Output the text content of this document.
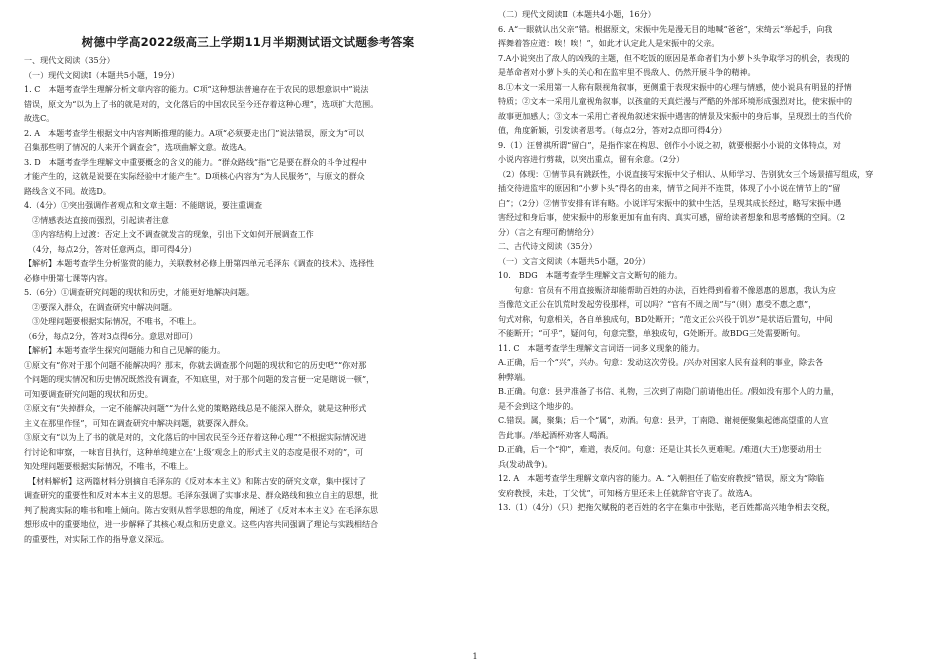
树德中学高2022级高三上学期11月半期测试语文试题参考答案

一、现代文阅读（35分）

（一）现代文阅读Ⅰ（本题共5小题，19分）

1. C　本题考查学生理解分析文章内容的能力。C项“这种想法普遍存在于农民的思想意识中”说法

错误，原文为“以为上了书的就是对的，文化落后的中国农民至今还存着这种心理”，选项扩大范围。

故选C。

2. A　本题考查学生根据文中内容判断推理的能力。A项“必须要走出门”说法错误，原文为“可以

召集那些明了情况的人来开个调查会”，选项曲解文意。故选A。

3. D　本题考查学生理解文中重要概念的含义的能力。“群众路线”指“它是要在群众的斗争过程中

才能产生的，这就是说要在实际经验中才能产生”。D项核心内容为“为人民服务”，与原文的群众

路线含义不同。故选D。

4.（4分）①突出强调作者观点和文章主题：不能瞎说，要注重调查

　②情感表达直接而强烈，引起读者注意

　③内容结构上过渡：否定上文不调查就发言的现象，引出下文如何开展调查工作

　（4分，每点2分，答对任意两点，即可得4分）

【解析】本题考查学生分析鉴赏的能力，关联教材必修上册第四单元毛泽东《调查的技术》、选择性

必修中册第七课等内容。

5.（6分）①调查研究问题的现状和历史，才能更好地解决问题。

　②要深入群众，在调查研究中解决问题。

　③处理问题要根据实际情况，不唯书，不唯上。

（6分，每点2分，答对3点得6分。意思对即可）

【解析】本题考查学生探究问题能力和自己见解的能力。

①原文有“你对于那个问题不能解决吗？那末，你就去调查那个问题的现状和它的历史吧”“你对那

个问题的现实情况和历史情况既然没有调查，不知底里，对于那个问题的发言便一定是瞎说一顿”，

可知要调查研究问题的现状和历史。

②原文有“失掉群众，一定不能解决问题”“为什么党的策略路线总是不能深入群众，就是这种形式

主义在那里作怪”，可知在调查研究中解决问题，就要深入群众。

③原文有“以为上了书的就是对的，文化落后的中国农民至今还存着这种心理”“不根据实际情况进

行讨论和审察，一味盲目执行，这种单纯建立在‘上级’观念上的形式主义的态度是很不对的”，可

知处理问题要根据实际情况，不唯书，不唯上。

　【材料解析】这两篇材料分别摘自毛泽东的《反对本本主义》和陈古安的研究文章，集中探讨了

调查研究的重要性和反对本本主义的思想。毛泽东强调了实事求是、群众路线和独立自主的思想，批

判了脱离实际的唯书和唯上倾向。陈古安则从哲学思想的角度，阐述了《反对本本主义》在毛泽东思

想形成中的重要地位，进一步解释了其核心观点和历史意义。这些内容共同强调了理论与实践相结合

的重要性，对实际工作的指导意义深远。

（二）现代文阅读Ⅱ（本题共4小题，16分）

6. A“一眼就认出父亲”错。根据原文，宋振中先是漫无目的地喊“爸爸”，宋绮云“举起手，向我

挥舞着答应道：唉！唉！”，如此才认定此人是宋振中的父亲。

7.A小说突出了敌人的凶残的主题，但不吃饭的原因是革命者们为小萝卜头争取学习的机会，表现的

是革命者对小萝卜头的关心和在监牢里不畏敌人、仍然开展斗争的精神。

8.①本文一采用第一人称有限视角叙事，更侧重于表现宋振中的心理与情感，使小说具有明显的抒情

特质；②文本一采用儿童视角叙事，以孩童的天真烂漫与严酷的外部环境形成强烈对比，使宋振中的

故事更加感人；③文本一采用亡者视角叙述宋振中遇害的情景及宋振中的身后事，呈现烈士的当代价

值，角度新颖，引发读者思考。（每点2分，答对2点即可得4分）

9.（1）汪曾祺所谓“留白”，是指作家在构思、创作小小说之初，就要根据小小说的文体特点，对

小说内容进行剪裁，以突出重点，留有余意。（2分）

（2）体现：①情节具有跳跃性，小说直接写宋振中父子相认、从师学习、告别犹女三个场景描写组成，穿

插交待进监牢的原因和“小萝卜头”得名的由来，情节之间并不连贯，体现了小小说在情节上的“留

白”；（2分）②情节安排有详有略。小说详写宋振中的狱中生活，呈现其成长经过，略写宋振中遇

害经过和身后事，使宋振中的形象更加有血有肉、真实可感，留给读者想象和思考感慨的空间。（2

分）（言之有理可酌情给分）

二、古代诗文阅读（35分）

（一）文言文阅读（本题共5小题，20分）

10.　BDG　本题考查学生理解文言文断句的能力。

　　句意：官员有不用直接赈济却能帮助百姓的办法，百姓得到看着不像恩惠的恩惠，我认为应

当像范文正公在饥荒时发起劳役那样，可以吗？“官有不周之周”与“（则）惠受不惠之惠”，

句式对称，句意相关，各自单独成句，BD处断开；“范文正公兴役于饥岁”是状语后置句，中间

不能断开；“可乎”，疑问句，句意完整，单独成句，G处断开。故BDG三处需要断句。

11. C　本题考查学生理解文言词语一词多义现象的能力。

A.正确，后一个“兴”，兴办。句意：发动这次劳役。/兴办对国家人民有益利的事业，除去各

种弊端。

B.正确。句意：县尹准备了书信、礼物，三次到了南隐门前请他出任。/假如没有那个人的力量，

是不会到这个地步的。

C.错误。属，聚集；后一个“属”，劝酒。句意：县尹，丁南隐、谢昶便聚集起德高望重的人宣

告此事。/举起酒杯劝客人喝酒。

D.正确，后一个“抑”，难道，表反问。句意：还是让其长久更难呢。/难道(大王)您要动用士

兵(发动战争)。

12. A　本题考查学生理解文章内容的能力。A. “入朝担任了临安府教授”错误，原文为“除临

安府教授，未赴，丁父忧”，可知杨方里还未上任就辞官守丧了。故选A。

13.（1）（4分）（只）把拖欠赋税的老百姓的名字在集市中张贴，老百姓都高兴地争相去交税，

1
